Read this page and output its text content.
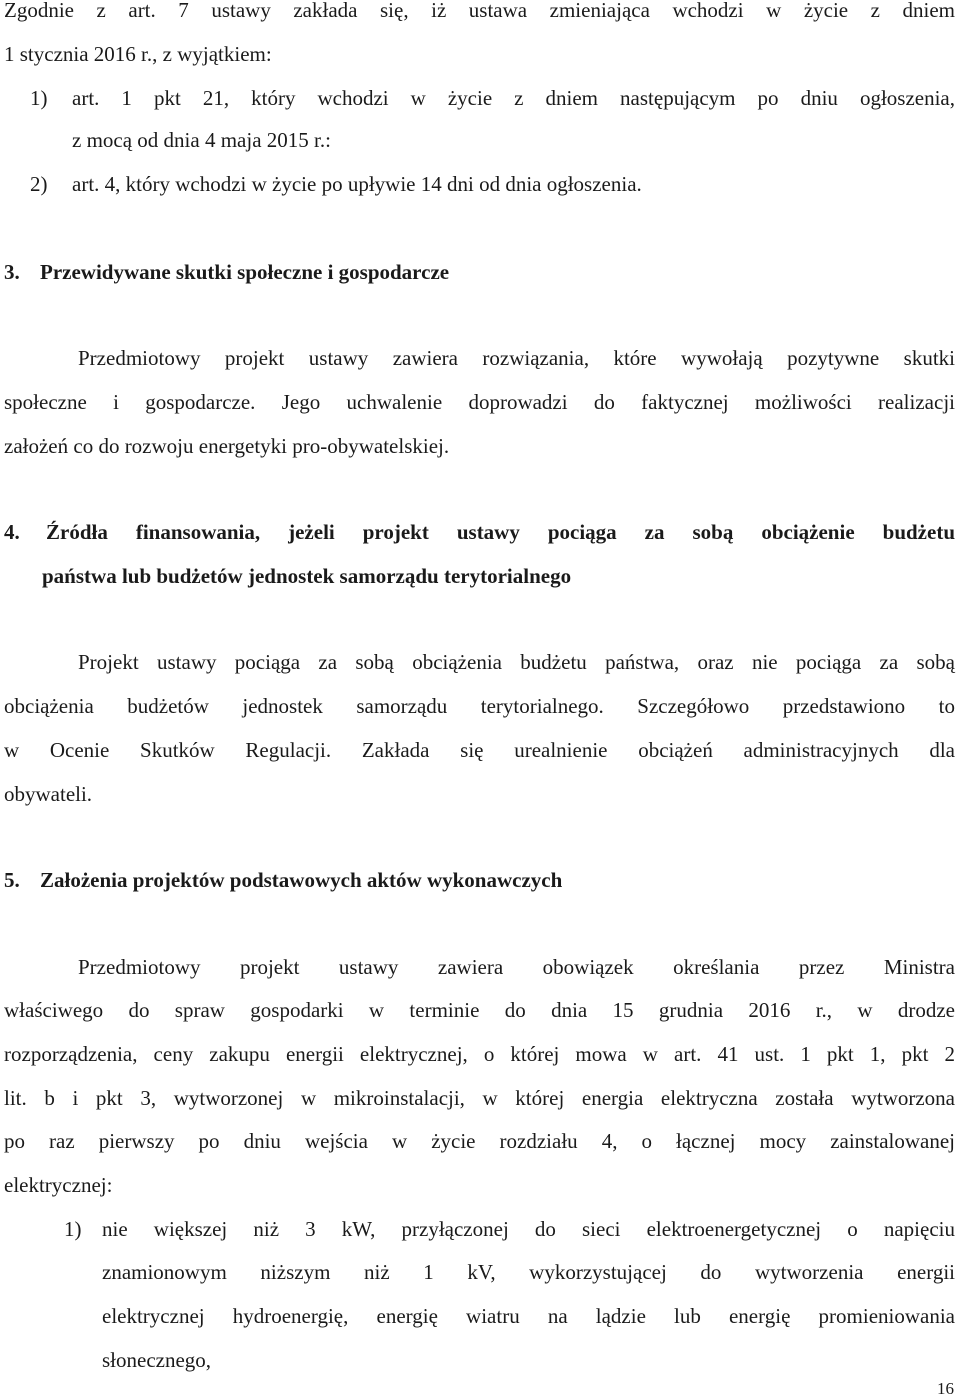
Zgodnie z art. 7 ustawy zakłada się, iż ustawa zmieniająca wchodzi w życie z dniem
1 stycznia 2016 r., z wyjątkiem:
1) art. 1 pkt 21, który wchodzi w życie z dniem następującym po dniu ogłoszenia,
z mocą od dnia 4 maja 2015 r.:
2) art. 4, który wchodzi w życie po upływie 14 dni od dnia ogłoszenia.
3. Przewidywane skutki społeczne i gospodarcze
Przedmiotowy projekt ustawy zawiera rozwiązania, które wywołają pozytywne skutki
społeczne i gospodarcze. Jego uchwalenie doprowadzi do faktycznej możliwości realizacji
założeń co do rozwoju energetyki pro-obywatelskiej.
4. Źródła finansowania, jeżeli projekt ustawy pociąga za sobą obciążenie budżetu
państwa lub budżetów jednostek samorządu terytorialnego
Projekt ustawy pociąga za sobą obciążenia budżetu państwa, oraz nie pociąga za sobą
obciążenia budżetów jednostek samorządu terytorialnego. Szczegółowo przedstawiono to
w Ocenie Skutków Regulacji. Zakłada się urealnienie obciążeń administracyjnych dla
obywateli.
5. Założenia projektów podstawowych aktów wykonawczych
Przedmiotowy projekt ustawy zawiera obowiązek określania przez Ministra
właściwego do spraw gospodarki w terminie do dnia 15 grudnia 2016 r., w drodze
rozporządzenia, ceny zakupu energii elektrycznej, o której mowa w art. 41 ust. 1 pkt 1, pkt 2
lit. b i pkt 3, wytworzonej w mikroinstalacji, w której energia elektryczna została wytworzona
po raz pierwszy po dniu wejścia w życie rozdziału 4, o łącznej mocy zainstalowanej
elektrycznej:
1) nie większej niż 3 kW, przyłączonej do sieci elektroenergetycznej o napięciu
znamionowym niższym niż 1 kV, wykorzystującej do wytworzenia energii
elektrycznej hydroenergię, energię wiatru na lądzie lub energię promieniowania
słonecznego,
16
